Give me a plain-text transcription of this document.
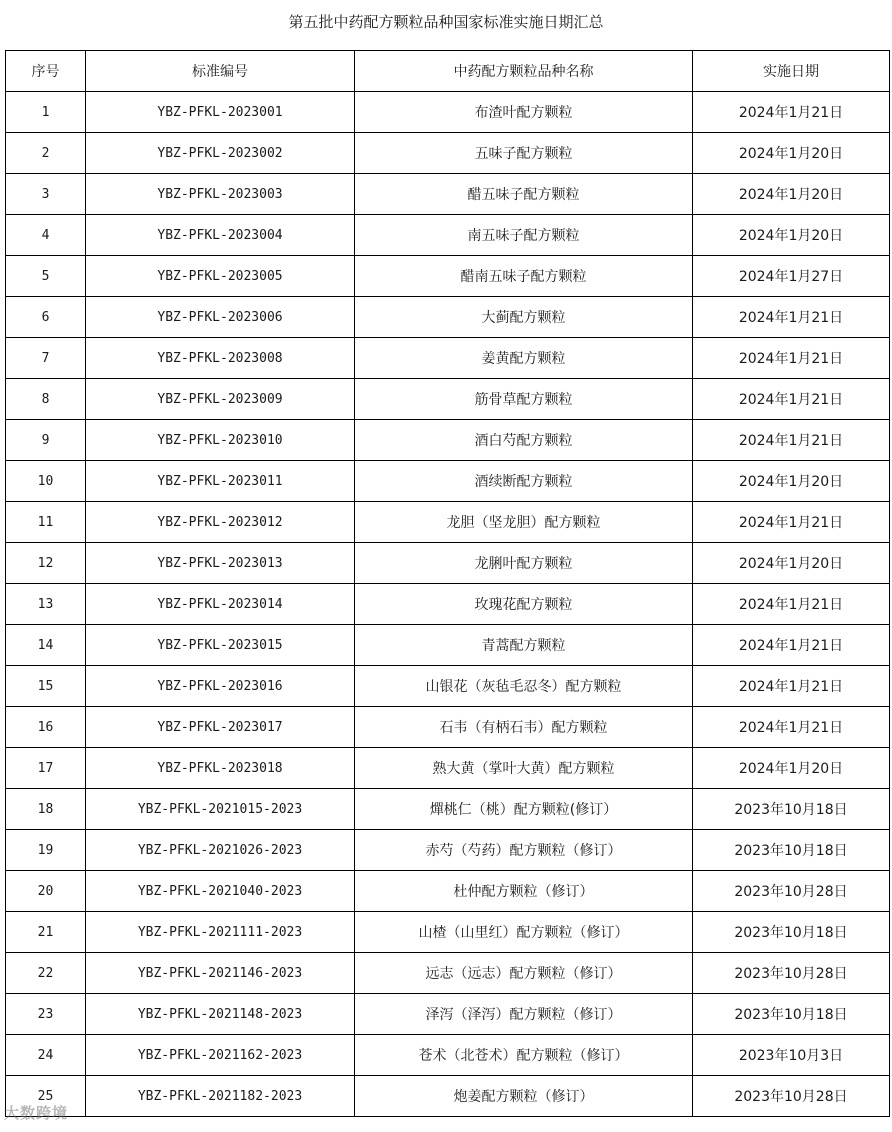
第五批中药配方颗粒品种国家标准实施日期汇总
序号	标准编号	中药配方颗粒品种名称	实施日期
1	YBZ-PFKL-2023001	布渣叶配方颗粒	2024年1月21日
2	YBZ-PFKL-2023002	五味子配方颗粒	2024年1月20日
3	YBZ-PFKL-2023003	醋五味子配方颗粒	2024年1月20日
4	YBZ-PFKL-2023004	南五味子配方颗粒	2024年1月20日
5	YBZ-PFKL-2023005	醋南五味子配方颗粒	2024年1月27日
6	YBZ-PFKL-2023006	大蓟配方颗粒	2024年1月21日
7	YBZ-PFKL-2023008	姜黄配方颗粒	2024年1月21日
8	YBZ-PFKL-2023009	筋骨草配方颗粒	2024年1月21日
9	YBZ-PFKL-2023010	酒白芍配方颗粒	2024年1月21日
10	YBZ-PFKL-2023011	酒续断配方颗粒	2024年1月20日
11	YBZ-PFKL-2023012	龙胆（坚龙胆）配方颗粒	2024年1月21日
12	YBZ-PFKL-2023013	龙脷叶配方颗粒	2024年1月20日
13	YBZ-PFKL-2023014	玫瑰花配方颗粒	2024年1月21日
14	YBZ-PFKL-2023015	青蒿配方颗粒	2024年1月21日
15	YBZ-PFKL-2023016	山银花（灰毡毛忍冬）配方颗粒	2024年1月21日
16	YBZ-PFKL-2023017	石韦（有柄石韦）配方颗粒	2024年1月21日
17	YBZ-PFKL-2023018	熟大黄（掌叶大黄）配方颗粒	2024年1月20日
18	YBZ-PFKL-2021015-2023	燀桃仁（桃）配方颗粒(修订）	2023年10月18日
19	YBZ-PFKL-2021026-2023	赤芍（芍药）配方颗粒（修订）	2023年10月18日
20	YBZ-PFKL-2021040-2023	杜仲配方颗粒（修订）	2023年10月28日
21	YBZ-PFKL-2021111-2023	山楂（山里红）配方颗粒（修订）	2023年10月18日
22	YBZ-PFKL-2021146-2023	远志（远志）配方颗粒（修订）	2023年10月28日
23	YBZ-PFKL-2021148-2023	泽泻（泽泻）配方颗粒（修订）	2023年10月18日
24	YBZ-PFKL-2021162-2023	苍术（北苍术）配方颗粒（修订）	2023年10月3日
25	YBZ-PFKL-2021182-2023	炮姜配方颗粒（修订）	2023年10月28日
大数跨境
